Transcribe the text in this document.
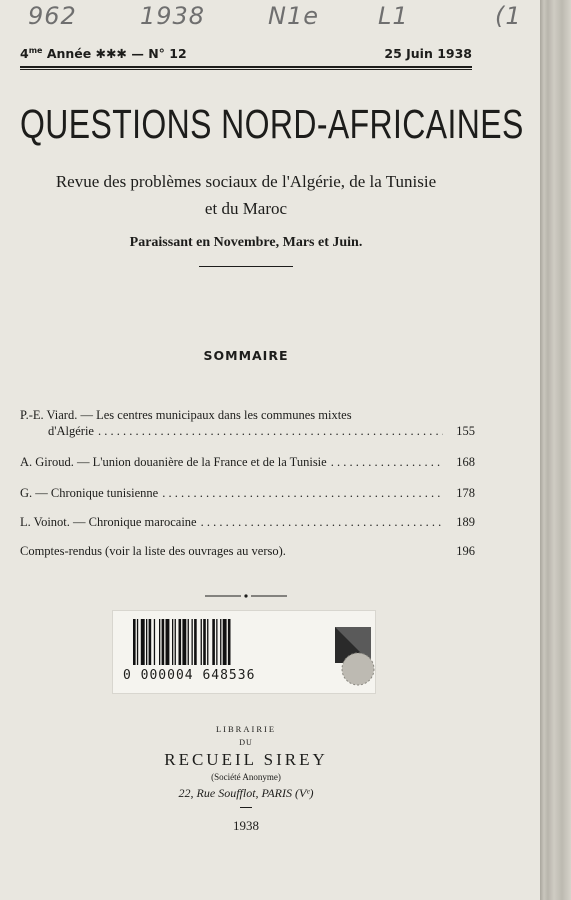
962	1938	N1e L1	(1
$4^{me}$ Année ✱✱✱ — N° 12	25 Juin 1938
QUESTIONS NORD-AFRICAINES
Revue des problèmes sociaux de l'Algérie, de la Tunisie
et du Maroc
Paraissant en Novembre, Mars et Juin.
SOMMAIRE
P.-E. Viard. — Les centres municipaux dans les communes mixtes
d'Algérie . . .	155
A. Giroud. — L'union douanière de la France et de la Tunisie . . .	168
G. — Chronique tunisienne . . .	178
L. Voinot. — Chronique marocaine . . .	189
Comptes-rendus (voir la liste des ouvrages au verso).	196
0 000004 648536
LIBRAIRIE
DU
RECUEIL SIREY
(Société Anonyme)
22, Rue Soufflot, PARIS (Vᵉ)
1938
